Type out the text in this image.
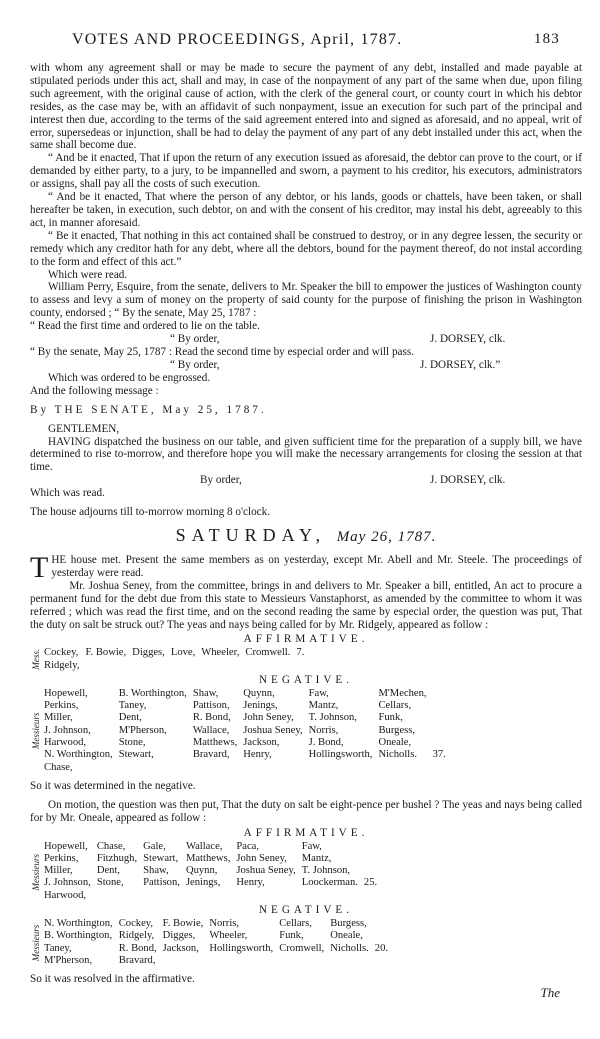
VOTES AND PROCEEDINGS, April, 1787.	183

with whom any agreement shall or may be made to secure the payment of any debt, installed and made payable at stipulated periods under this act, shall and may, in case of the nonpayment of any part of the same when due, upon filing such agreement, with the original cause of action, with the clerk of the general court, or county court in which his debtor resides, as the case may be, with an affidavit of such nonpayment, issue an execution for such part of the principal and interest then due, according to the terms of the said agreement entered into and signed as aforesaid, and no appeal, writ of error, supersedeas or injunction, shall be had to delay the payment of any part of any debt installed under this act, when the same shall become due.

“ And be it enacted, That if upon the return of any execution issued as aforesaid, the debtor can prove to the court, or if demanded by either party, to a jury, to be impannelled and sworn, a payment to his creditor, his executors, administrators or assigns, shall pay all the costs of such execution.

“ And be it enacted, That where the person of any debtor, or his lands, goods or chattels, have been taken, or shall hereafter be taken, in execution, such debtor, on and with the consent of his creditor, may instal his debt, agreeably to this act, in manner aforesaid.

“ Be it enacted, That nothing in this act contained shall be construed to destroy, or in any degree lessen, the security or remedy which any creditor hath for any debt, where all the debtors, bound for the payment thereof, do not instal according to the form and effect of this act.”

Which were read.

William Perry, Esquire, from the senate, delivers to Mr. Speaker the bill to empower the justices of Washington county to assess and levy a sum of money on the property of said county for the purpose of finishing the prison in Washington county, endorsed ; “ By the senate, May 25, 1787 :

“ Read the first time and ordered to lie on the table.

“ By order,	J. DORSEY, clk.

“ By the senate, May 25, 1787 : Read the second time by especial order and will pass.

“ By order,	J. DORSEY, clk.”

Which was ordered to be engrossed.

And the following message :

By THE SENATE, May 25, 1787.

GENTLEMEN,

HAVING dispatched the business on our table, and given sufficient time for the preparation of a supply bill, we have determined to rise to-morrow, and therefore hope you will make the necessary arrangements for closing the session at that time.

By order,	J. DORSEY, clk.

Which was read.

The house adjourns till to-morrow morning 8 o'clock.

SATURDAY, May 26, 1787.

THE house met. Present the same members as on yesterday, except Mr. Abell and Mr. Steele. The proceedings of yesterday were read.

Mr. Joshua Seney, from the committee, brings in and delivers to Mr. Speaker a bill, entitled, An act to procure a permanent fund for the debt due from this state to Messieurs Vanstaphorst, as amended by the committee to whom it was referred ; which was read the first time, and on the second reading the same by especial order, the question was put, That the duty on salt be struck out? The yeas and nays being called for by Mr. Ridgely, appeared as follow :

AFFIRMATIVE.
Mess. Cockey,	F. Bowie,	Digges,	Love,	Wheeler,	Cromwell.	7.
Ridgely,						
NEGATIVE.
Messieurs
Hopewell,	B. Worthington,	Shaw,	Quynn,	Faw,	M'Mechen,	
Perkins,	Taney,	Pattison,	Jenings,	Mantz,	Cellars,	
Miller,	Dent,	R. Bond,	John Seney,	T. Johnson,	Funk,	
J. Johnson,	M'Pherson,	Wallace,	Joshua Seney,	Norris,	Burgess,	
Harwood,	Stone,	Matthews,	Jackson,	J. Bond,	Oneale,	
N. Worthington,	Stewart,	Bravard,	Henry,	Hollingsworth,	Nicholls.	37.
Chase,						

So it was determined in the negative.

On motion, the question was then put, That the duty on salt be eight-pence per bushel ? The yeas and nays being called for by Mr. Oneale, appeared as follow :

AFFIRMATIVE.
Messieurs
Hopewell,	Chase,	Gale,	Wallace,	Paca,	Faw,	
Perkins,	Fitzhugh,	Stewart,	Matthews,	John Seney,	Mantz,	
Miller,	Dent,	Shaw,	Quynn,	Joshua Seney,	T. Johnson,	
J. Johnson,	Stone,	Pattison,	Jenings,	Henry,	Loockerman.	25.
Harwood,						
NEGATIVE.
Messieurs
N. Worthington,	Cockey,	F. Bowie,	Norris,	Cellars,	Burgess,	
B. Worthington,	Ridgely,	Digges,	Wheeler,	Funk,	Oneale,	
Taney,	R. Bond,	Jackson,	Hollingsworth,	Cromwell,	Nicholls.	20.
M'Pherson,	Bravard,					

So it was resolved in the affirmative.

The
